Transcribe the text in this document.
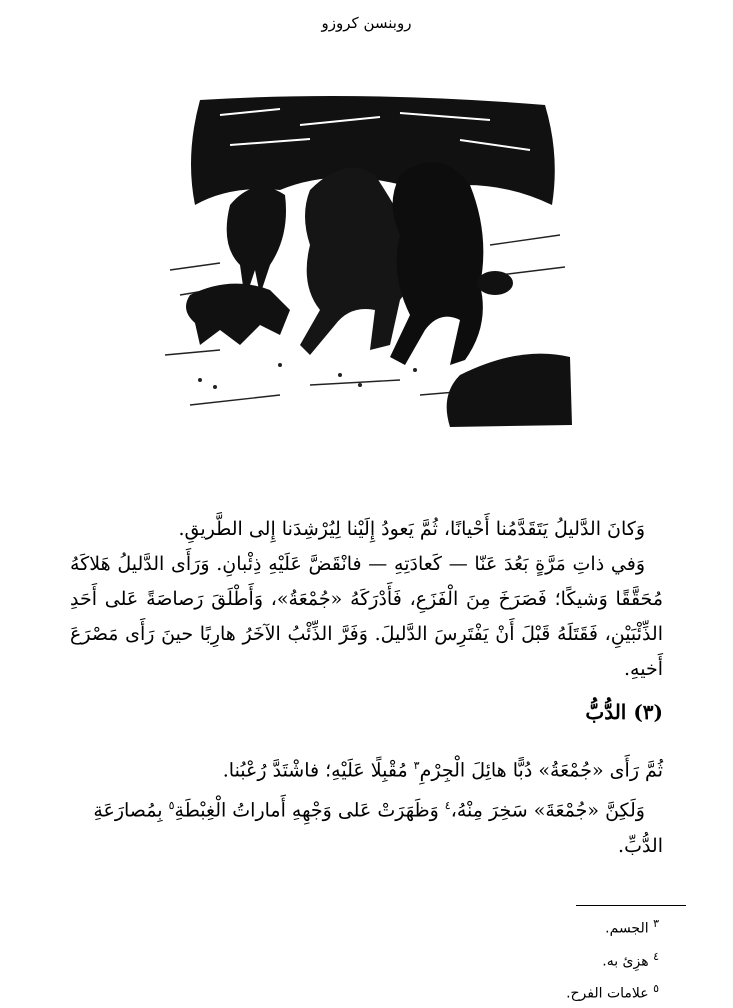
روبنسن كروزو

وَكانَ الدَّليلُ يَتَقَدَّمُنا أَحْيانًا، ثُمَّ يَعودُ إِلَيْنا لِيُرْشِدَنا إِلى الطَّريقِ.

وَفي ذاتِ مَرَّةٍ بَعُدَ عَنّا — كَعادَتِهِ — فانْقَضَّ عَلَيْهِ ذِئْبانِ. وَرَأَى الدَّليلُ هَلاكَهُ مُحَقَّقًا وَشيكًا؛ فَصَرَخَ مِنَ الْفَزَعِ، فَأَدْرَكَهُ «جُمْعَةُ»، وَأَطْلَقَ رَصاصَةً عَلى أَحَدِ الذِّئْبَيْنِ، فَقَتَلَهُ قَبْلَ أَنْ يَفْتَرِسَ الدَّليلَ. وَفَرَّ الذِّئْبُ الآخَرُ هارِبًا حينَ رَأَى مَصْرَعَ أَخيهِ.

(٣) الدُّبُّ

ثُمَّ رَأَى «جُمْعَةُ» دُبًّا هائِلَ الْجِرْمِ$^٣$ مُقْبِلًا عَلَيْهِ؛ فاشْتَدَّ رُعْبُنا.

وَلَكِنَّ «جُمْعَةَ» سَخِرَ مِنْهُ،$^٤$ وَظَهَرَتْ عَلى وَجْهِهِ أَماراتُ الْغِبْطَةِ$^٥$ بِمُصارَعَةِ الدُّبِّ.

$^٣$ الجسم.
$^٤$ هزِئ به.
$^٥$ علامات الفرح.
